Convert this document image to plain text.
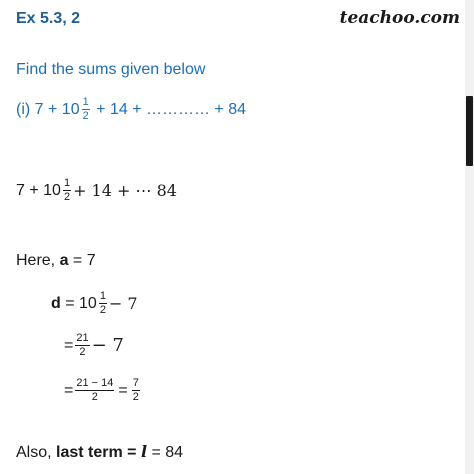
Ex 5.3, 2	teachoo.com
Find the sums given below
(i) $7 + 10 \frac{1}{2} + 14$ + ………… + 84
$7 + 10 \frac{1}{2} + 14$ + ⋯ 84
Here, a = 7
$d = 10 \frac{1}{2} - 7$
= $\frac{21}{2} - 7$
= $\frac{21 - 14}{2} = \frac{7}{2}$
Also, last term = l = 84
